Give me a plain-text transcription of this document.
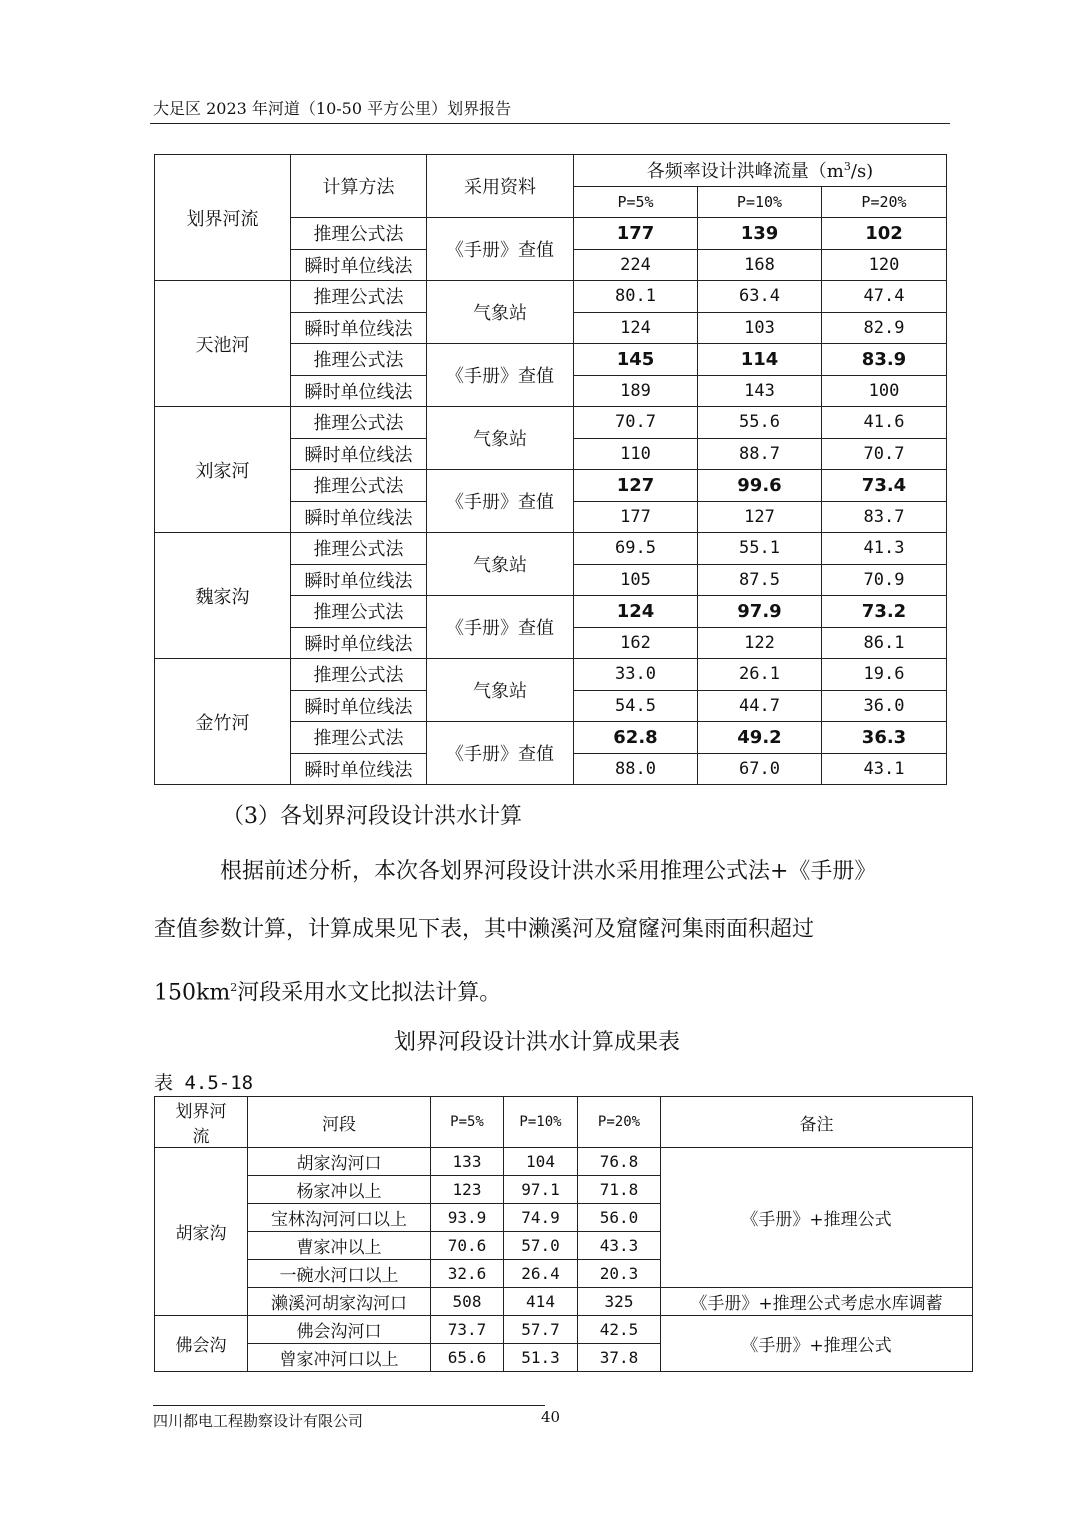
大足区 2023 年河道（10-50 平方公里）划界报告
划界河流	计算方法	采用资料	各频率设计洪峰流量$(m^3/s)$		
			P=5%	P=10%	P=20%
	推理公式法	《手册》查值	177	139	102
	瞬时单位线法		224	168	120
天池河	推理公式法	气象站	80.1	63.4	47.4
	瞬时单位线法		124	103	82.9
	推理公式法	《手册》查值	145	114	83.9
	瞬时单位线法		189	143	100
刘家河	推理公式法	气象站	70.7	55.6	41.6
	瞬时单位线法		110	88.7	70.7
	推理公式法	《手册》查值	127	99.6	73.4
	瞬时单位线法		177	127	83.7
魏家沟	推理公式法	气象站	69.5	55.1	41.3
	瞬时单位线法		105	87.5	70.9
	推理公式法	《手册》查值	124	97.9	73.2
	瞬时单位线法		162	122	86.1
金竹河	推理公式法	气象站	33.0	26.1	19.6
	瞬时单位线法		54.5	44.7	36.0
	推理公式法	《手册》查值	62.8	49.2	36.3
	瞬时单位线法		88.0	67.0	43.1
（3）各划界河段设计洪水计算
根据前述分析，本次各划界河段设计洪水采用推理公式法+《手册》
查值参数计算，计算成果见下表，其中濑溪河及窟窿河集雨面积超过
$150km^2$河段采用水文比拟法计算。
划界河段设计洪水计算成果表
表 4.5-18
划界河
流	河段	P=5%	P=10%	P=20%	备注
胡家沟	胡家沟河口	133	104	76.8	《手册》+推理公式
	杨家冲以上	123	97.1	71.8	
	宝林沟河河口以上	93.9	74.9	56.0	
	曹家冲以上	70.6	57.0	43.3	
	一碗水河口以上	32.6	26.4	20.3	
	濑溪河胡家沟河口	508	414	325	《手册》+推理公式考虑水库调蓄
佛会沟	佛会沟河口	73.7	57.7	42.5	《手册》+推理公式
	曾家冲河口以上	65.6	51.3	37.8	
四川都电工程勘察设计有限公司	40
